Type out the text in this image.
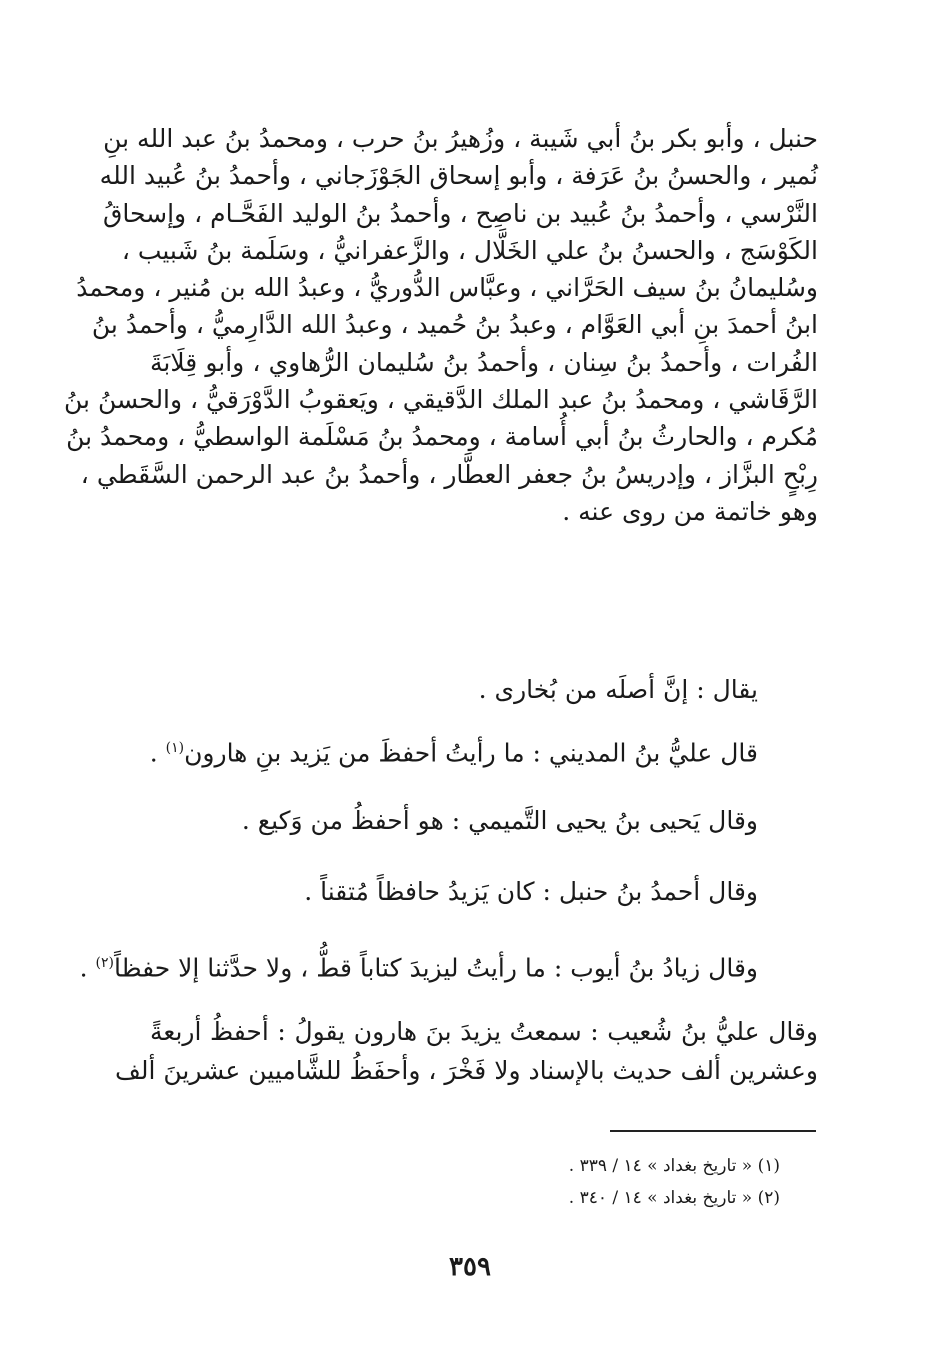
حنبل ، وأبو بكر بنُ أبي شَيبة ، وزُهيرُ بنُ حرب ، ومحمدُ بنُ عبد الله بنِ
نُمير ، والحسنُ بنُ عَرَفة ، وأبو إسحاق الجَوْزَجاني ، وأحمدُ بنُ عُبيد الله
النَّرْسي ، وأحمدُ بنُ عُبيد بن ناصِح ، وأحمدُ بنُ الوليد الفَحَّـام ، وإسحاقُ
الكَوْسَج ، والحسنُ بنُ علي الخَلَّال ، والزَّعفرانيُّ ، وسَلَمة بنُ شَبيب ،
وسُليمانُ بنُ سيف الحَرَّاني ، وعبَّاس الدُّوريُّ ، وعبدُ الله بن مُنير ، ومحمدُ
ابنُ أحمدَ بنِ أبي العَوَّام ، وعبدُ بنُ حُميد ، وعبدُ الله الدَّارِميُّ ، وأحمدُ بنُ
الفُرات ، وأحمدُ بنُ سِنان ، وأحمدُ بنُ سُليمان الرُّهاوي ، وأبو قِلَابَةَ
الرَّقَاشي ، ومحمدُ بنُ عبد الملك الدَّقيقي ، ويَعقوبُ الدَّوْرَقيُّ ، والحسنُ بنُ
مُكرم ، والحارثُ بنُ أبي أُسامة ، ومحمدُ بنُ مَسْلَمة الواسطيُّ ، ومحمدُ بنُ
رِبْحٍ البزَّاز ، وإدريسُ بنُ جعفر العطَّار ، وأحمدُ بنُ عبد الرحمن السَّقَطي ،
وهو خاتمة من روى عنه .
يقال : إنَّ أصلَه من بُخارى .
قال عليُّ بنُ المديني : ما رأيتُ أحفظَ من يَزيد بنِ هارون$^{(١)}$ .
وقال يَحيى بنُ يحيى التَّميمي : هو أحفظُ من وَكيع .
وقال أحمدُ بنُ حنبل : كان يَزيدُ حافظاً مُتقناً .
وقال زيادُ بنُ أيوب : ما رأيتُ ليزيدَ كتاباً قطُّ ، ولا حدَّثنا إلا حفظاً$^{(٢)}$ .
وقال عليُّ بنُ شُعيب : سمعتُ يزيدَ بنَ هارون يقولُ : أحفظُ أربعةً
وعشرين ألف حديث بالإسناد ولا فَخْرَ ، وأحفَظُ للشَّاميين عشرينَ ألف
(١) « تاريخ بغداد » ١٤ / ٣٣٩ .
(٢) « تاريخ بغداد » ١٤ / ٣٤٠ .
٣٥٩
